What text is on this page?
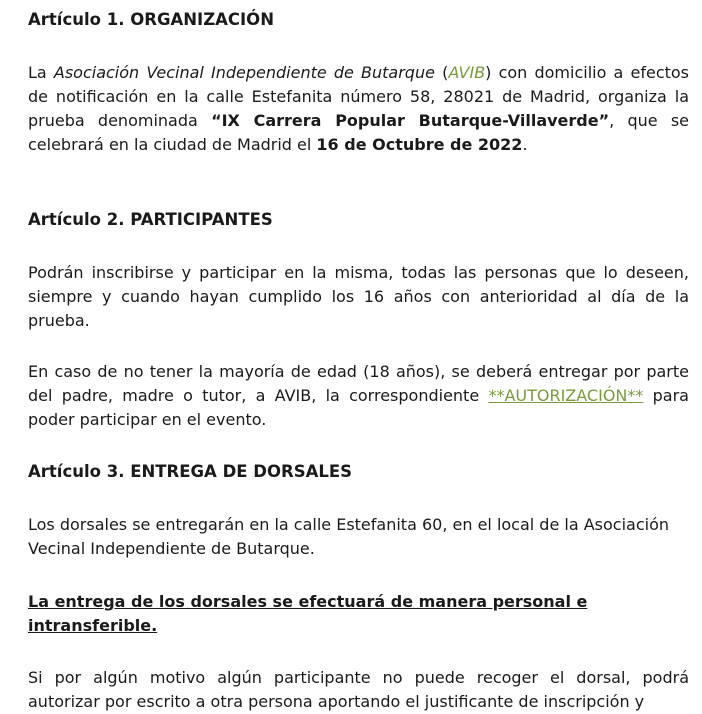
Artículo 1. ORGANIZACIÓN

La Asociación Vecinal Independiente de Butarque (AVIB) con domicilio a efectos de notificación en la calle Estefanita número 58, 28021 de Madrid, organiza la prueba denominada “IX Carrera Popular Butarque-Villaverde”, que se celebrará en la ciudad de Madrid el 16 de Octubre de 2022.

Artículo 2. PARTICIPANTES

Podrán inscribirse y participar en la misma, todas las personas que lo deseen, siempre y cuando hayan cumplido los 16 años con anterioridad al día de la prueba.

En caso de no tener la mayoría de edad (18 años), se deberá entregar por parte del padre, madre o tutor, a AVIB, la correspondiente **AUTORIZACIÓN** para poder participar en el evento.

Artículo 3. ENTREGA DE DORSALES

Los dorsales se entregarán en la calle Estefanita 60, en el local de la Asociación Vecinal Independiente de Butarque.

La entrega de los dorsales se efectuará de manera personal e intransferible.

Si por algún motivo algún participante no puede recoger el dorsal, podrá autorizar por escrito a otra persona aportando el justificante de inscripción y
